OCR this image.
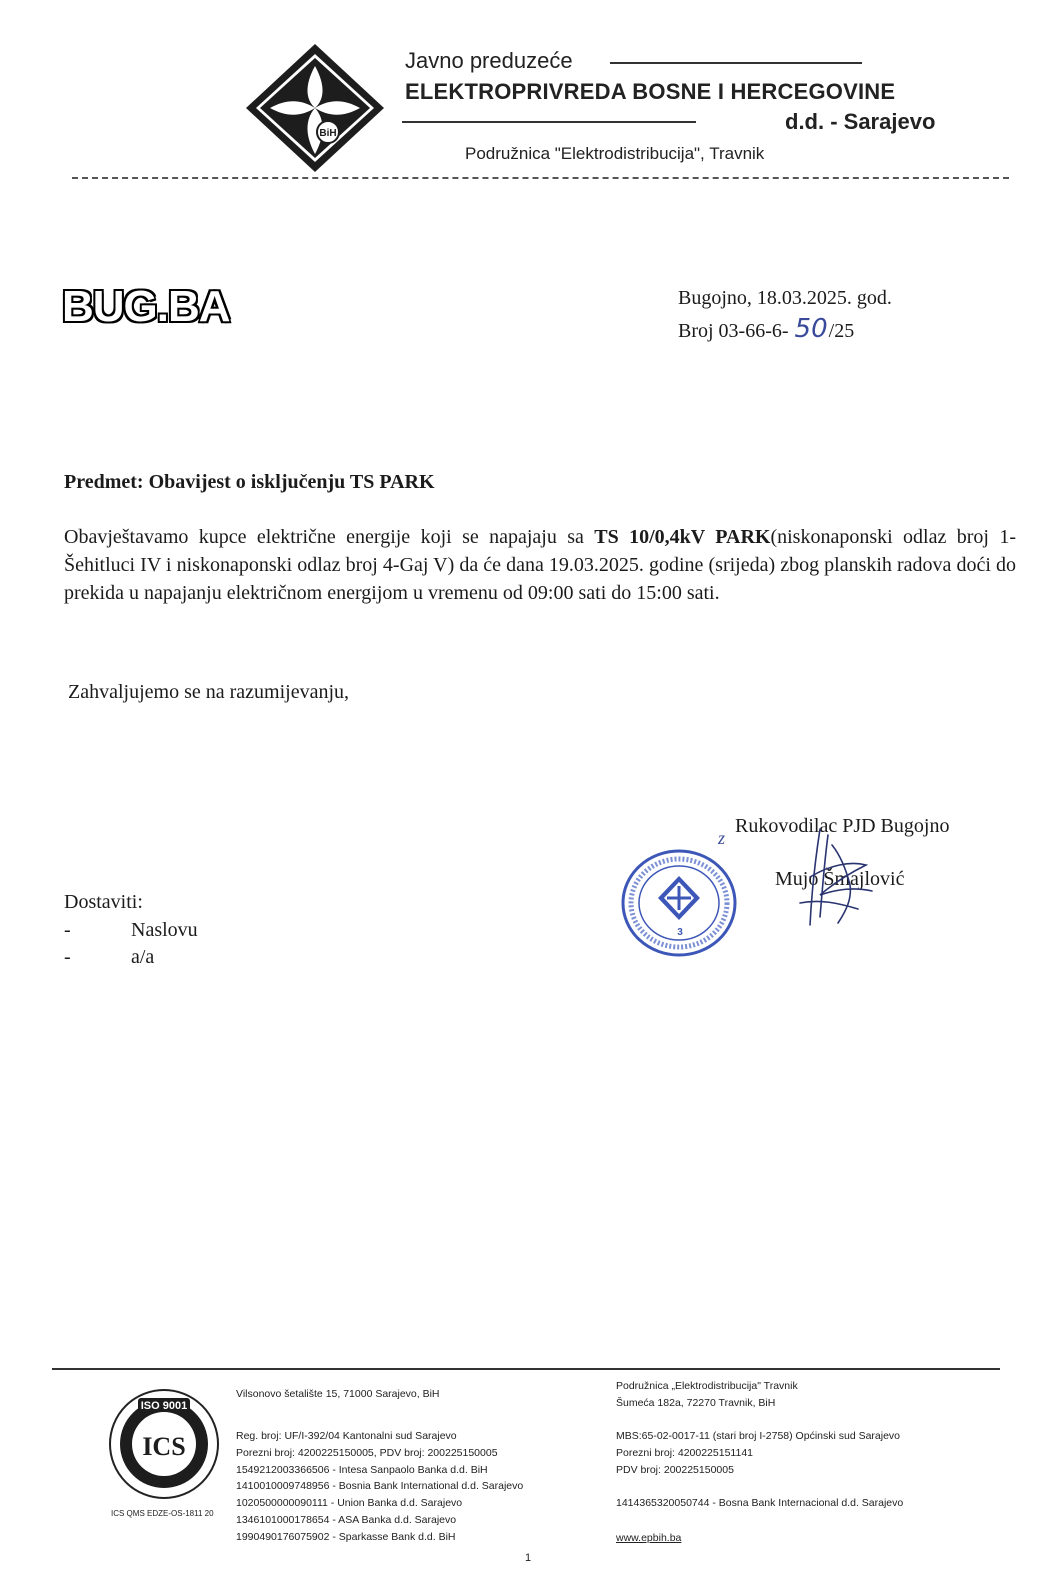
BiH
Javno preduzeće
ELEKTROPRIVREDA BOSNE I HERCEGOVINE
d.d. - Sarajevo
Podružnica "Elektrodistribucija", Travnik
BUG.BA	Bugojno, 18.03.2025. god.
Broj 03-66-6- 50/25
Predmet: Obavijest o isključenju TS PARK
Obavještavamo kupce električne energije koji se napajaju sa TS 10/0,4kV PARK(niskonaponski odlaz broj 1-Šehitluci IV i niskonaponski odlaz broj 4-Gaj V) da će dana 19.03.2025. godine (srijeda) zbog planskih radova doći do prekida u napajanju električnom energijom u vremenu od 09:00 sati do 15:00 sati.
Zahvaljujemo se na razumijevanju,
z
Rukovodilac PJD Bugojno
Mujo Šmajlović
3
Dostaviti:
-	Naslovu
-	a/a
ISO 9001
ICS
ICS QMS EDZE-OS-1811 20
Vilsonovo šetalište 15, 71000 Sarajevo, BiH
Reg. broj: UF/I-392/04 Kantonalni sud Sarajevo
Porezni broj: 4200225150005, PDV broj: 200225150005
1549212003366506 - Intesa Sanpaolo Banka d.d. BiH
1410010009748956 - Bosnia Bank International d.d. Sarajevo
1020500000090111 - Union Banka d.d. Sarajevo
1346101000178654 - ASA Banka d.d. Sarajevo
1990490176075902 - Sparkasse Bank d.d. BiH
Podružnica „Elektrodistribucija" Travnik
Šumeća 182a, 72270 Travnik, BiH
MBS:65-02-0017-11 (stari broj I-2758) Općinski sud Sarajevo
Porezni broj: 4200225151141
PDV broj: 200225150005
1414365320050744 - Bosna Bank Internacional d.d. Sarajevo
www.epbih.ba
1
